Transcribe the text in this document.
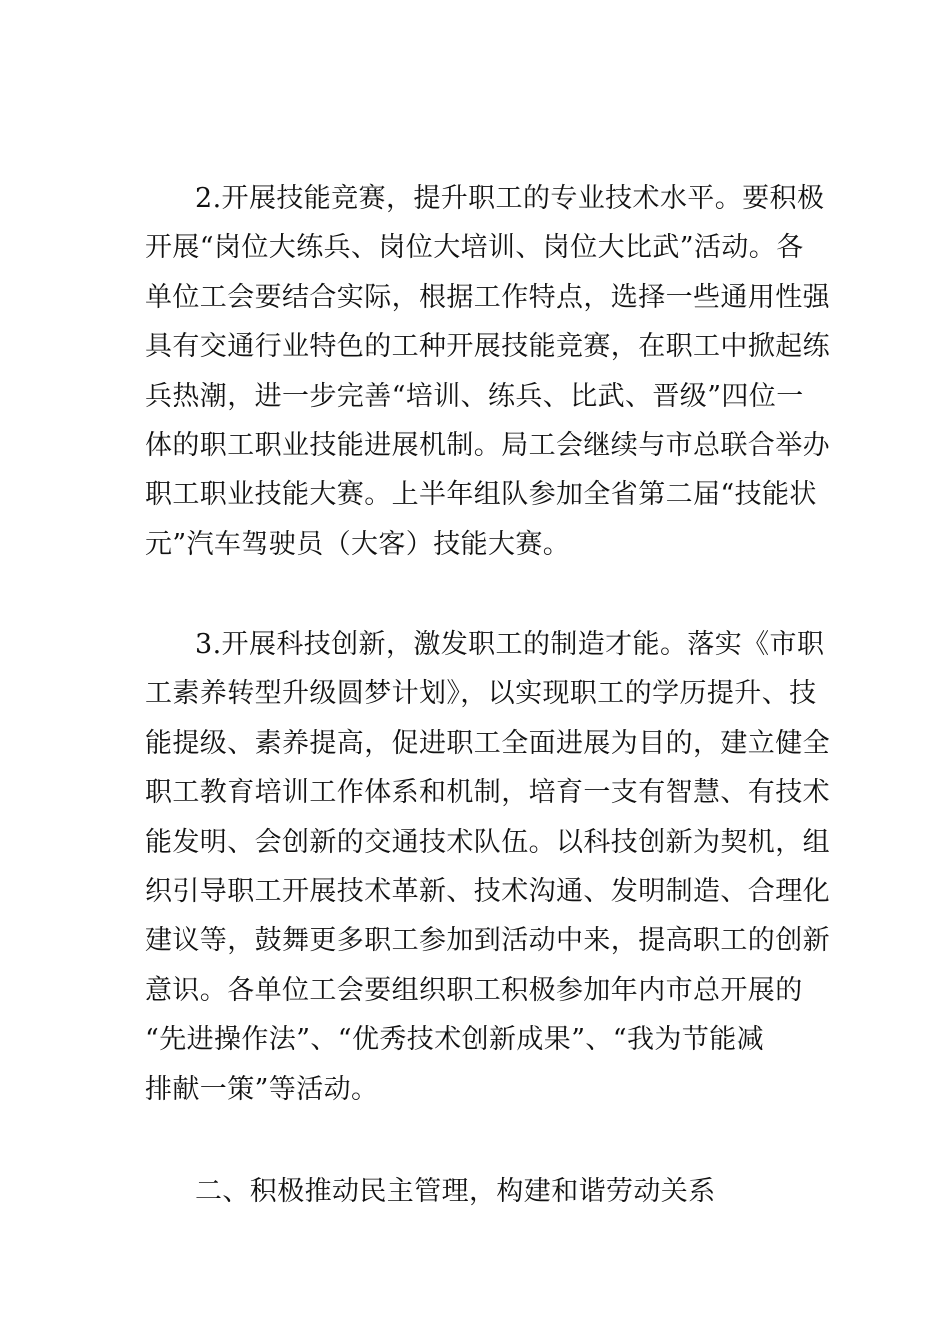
2.开展技能竞赛，提升职工的专业技术水平。要积极
开展“岗位大练兵、岗位大培训、岗位大比武”活动。各
单位工会要结合实际，根据工作特点，选择一些通用性强
具有交通行业特色的工种开展技能竞赛，在职工中掀起练
兵热潮，进一步完善“培训、练兵、比武、晋级”四位一
体的职工职业技能进展机制。局工会继续与市总联合举办
职工职业技能大赛。上半年组队参加全省第二届“技能状
元”汽车驾驶员（大客）技能大赛。
3.开展科技创新，激发职工的制造才能。落实《市职
工素养转型升级圆梦计划》，以实现职工的学历提升、技
能提级、素养提高，促进职工全面进展为目的，建立健全
职工教育培训工作体系和机制，培育一支有智慧、有技术
能发明、会创新的交通技术队伍。以科技创新为契机，组
织引导职工开展技术革新、技术沟通、发明制造、合理化
建议等，鼓舞更多职工参加到活动中来，提高职工的创新
意识。各单位工会要组织职工积极参加年内市总开展的
“先进操作法”、“优秀技术创新成果”、“我为节能减
排献一策”等活动。
二、积极推动民主管理，构建和谐劳动关系
